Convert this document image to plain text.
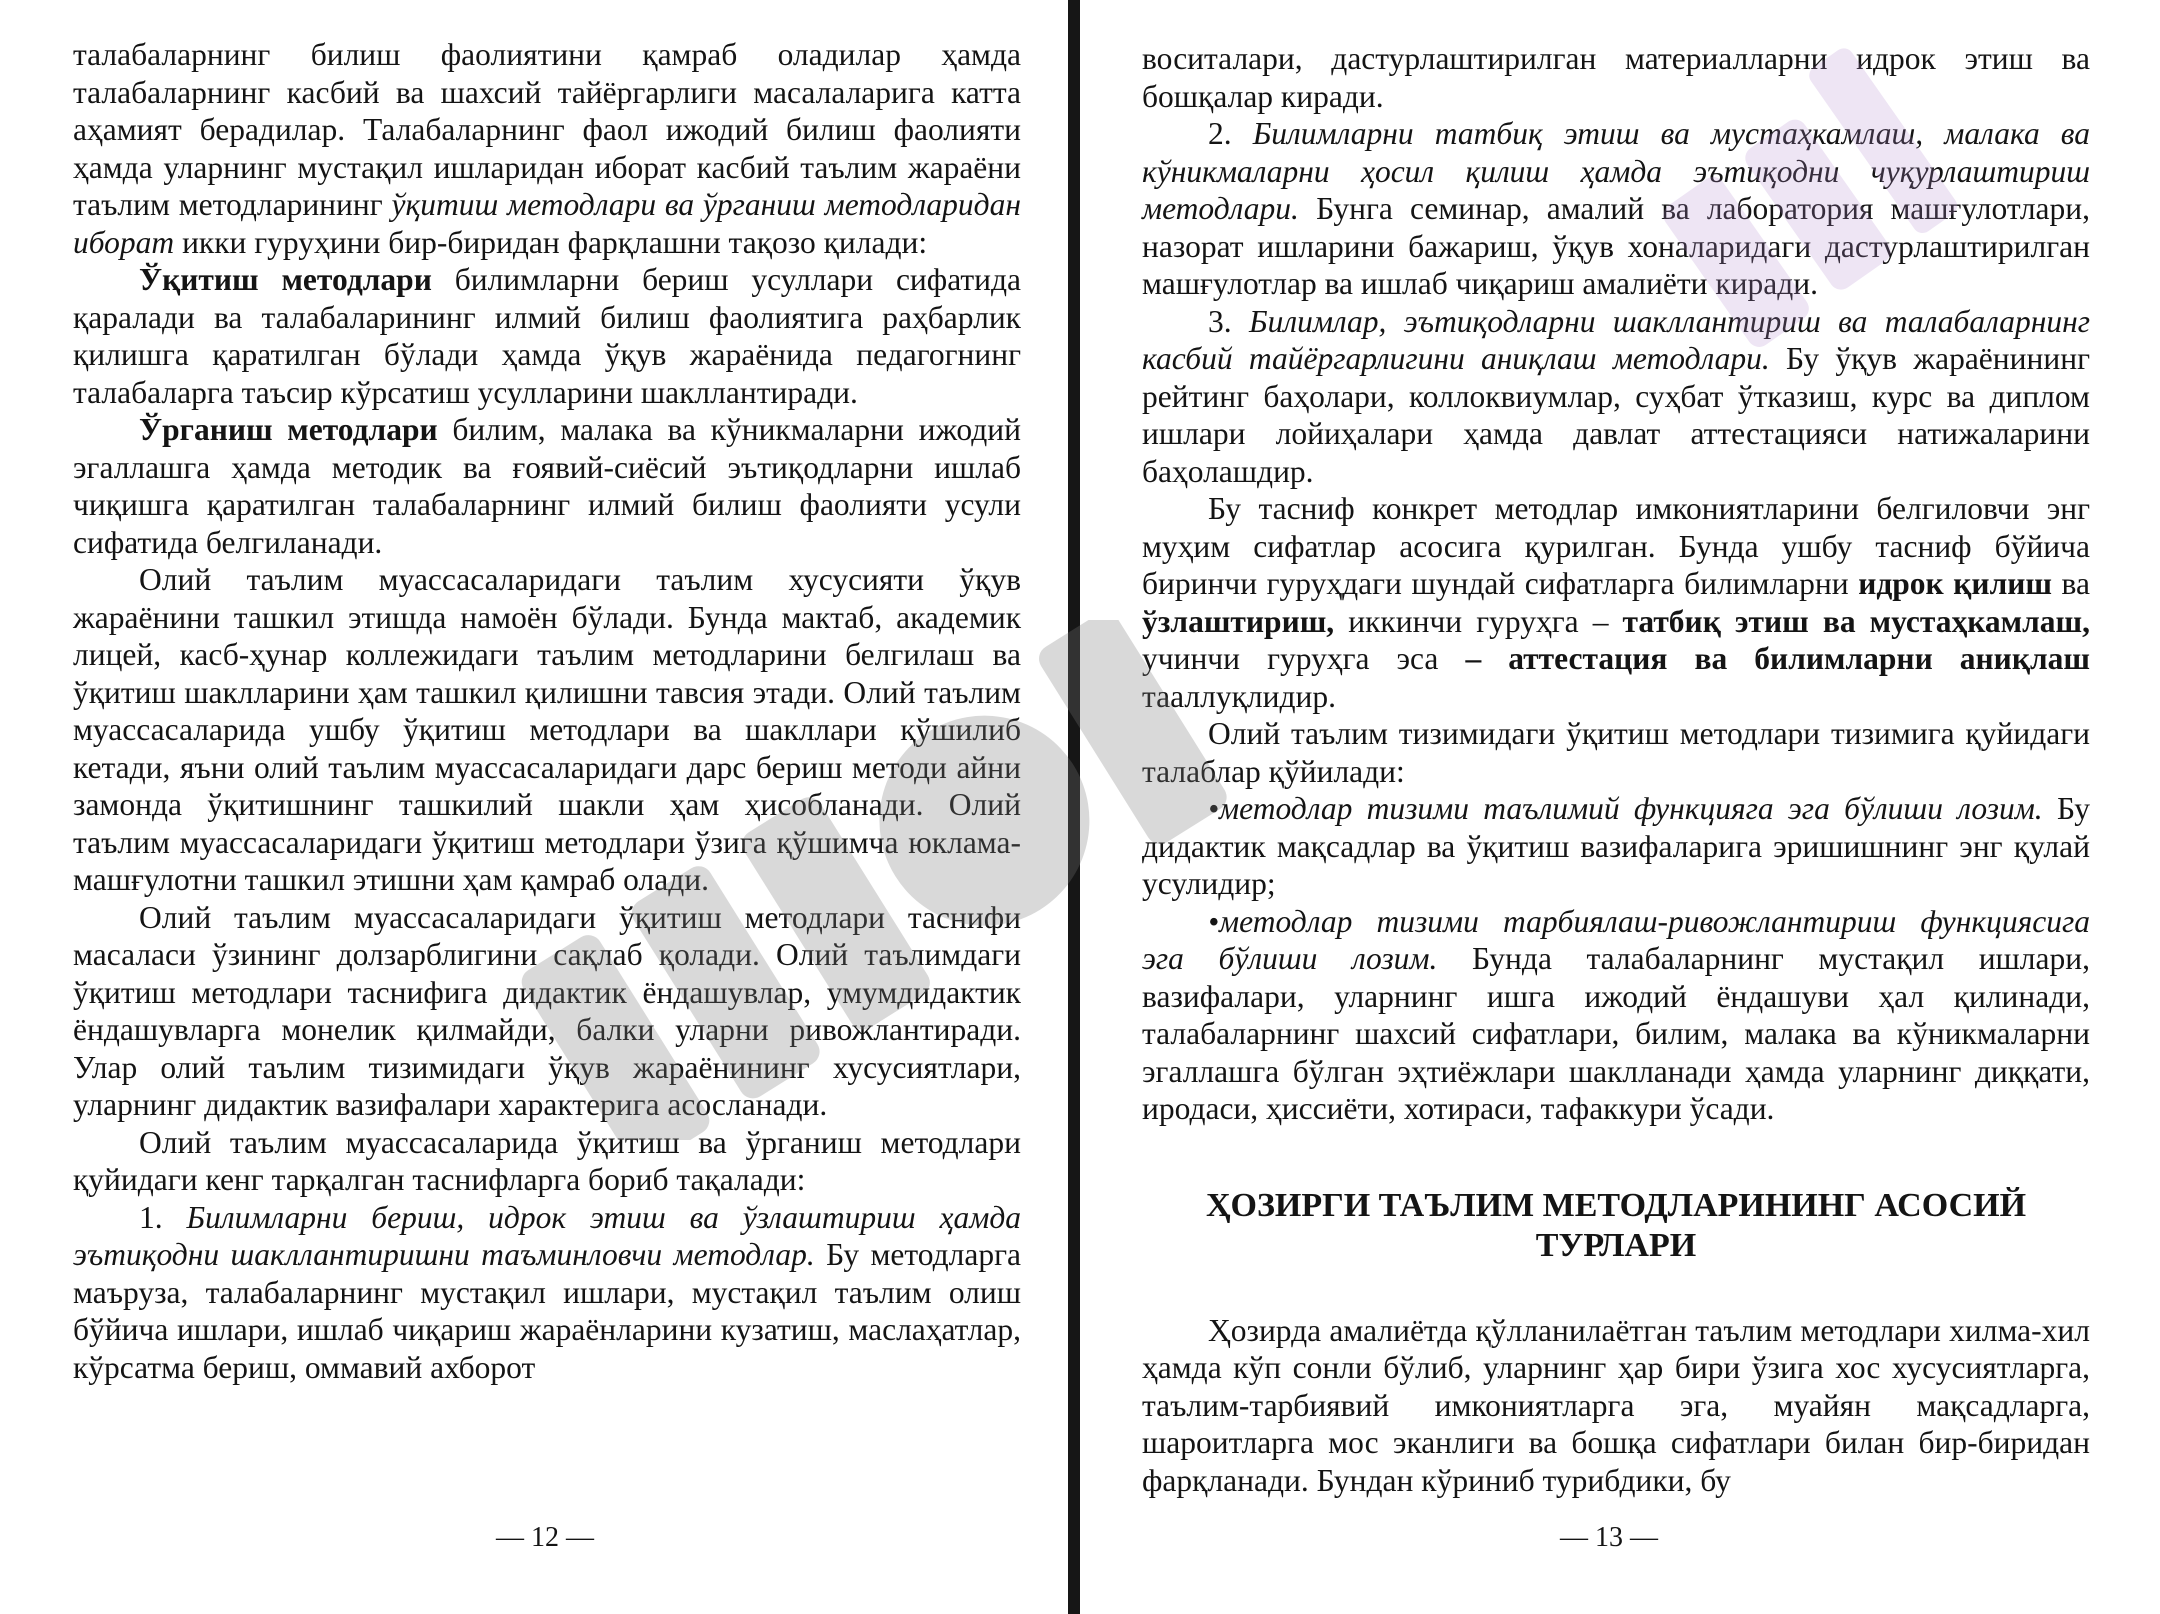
талабаларнинг билиш фаолиятини қамраб оладилар ҳамда талабаларнинг касбий ва шахсий тайёргарлиги масалаларига катта аҳамият берадилар. Талабаларнинг фаол ижодий билиш фаолияти ҳамда уларнинг мустақил ишларидан иборат касбий таълим жараёни таълим методларининг ўқитиш методлари ва ўрганиш методларидан иборат икки гуруҳини бир-биридан фарқлашни тақозо қилади:

Ўқитиш методлари билимларни бериш усуллари сифатида қаралади ва талабаларининг илмий билиш фаолиятига раҳбарлик қилишга қаратилган бўлади ҳамда ўқув жараёнида педагогнинг талабаларга таъсир кўрсатиш усулларини шакллантиради.

Ўрганиш методлари билим, малака ва кўникмаларни ижодий эгаллашга ҳамда методик ва ғоявий-сиёсий эътиқодларни ишлаб чиқишга қаратилган талабаларнинг илмий билиш фаолияти усули сифатида белгиланади.

Олий таълим муассасаларидаги таълим хусусияти ўқув жараёнини ташкил этишда намоён бўлади. Бунда мактаб, академик лицей, касб-ҳунар коллежидаги таълим методларини белгилаш ва ўқитиш шаклларини ҳам ташкил қилишни тавсия этади. Олий таълим муассасаларида ушбу ўқитиш методлари ва шакллари қўшилиб кетади, яъни олий таълим муассасаларидаги дарс бериш методи айни замонда ўқитишнинг ташкилий шакли ҳам ҳисобланади. Олий таълим муассасаларидаги ўқитиш методлари ўзига қўшимча юклама-машғулотни ташкил этишни ҳам қамраб олади.

Олий таълим муассасаларидаги ўқитиш методлари таснифи масаласи ўзининг долзарблигини сақлаб қолади. Олий таълимдаги ўқитиш методлари таснифига дидактик ёндашувлар, умумдидактик ёндашувларга монелик қилмайди, балки уларни ривожлантиради. Улар олий таълим тизимидаги ўқув жараёнининг хусусиятлари, уларнинг дидактик вазифалари характерига асосланади.

Олий таълим муассасаларида ўқитиш ва ўрганиш методлари қуйидаги кенг тарқалган таснифларга бориб тақалади:

1. Билимларни бериш, идрок этиш ва ўзлаштириш ҳамда эътиқодни шакллантиришни таъминловчи методлар. Бу методларга маъруза, талабаларнинг мустақил ишлари, мустақил таълим олиш бўйича ишлари, ишлаб чиқариш жараёнларини кузатиш, маслаҳатлар, кўрсатма бериш, оммавий ахборот

— 12 —

воситалари, дастурлаштирилган материалларни идрок этиш ва бошқалар киради.

2. Билимларни татбиқ этиш ва мустаҳкамлаш, малака ва кўникмаларни ҳосил қилиш ҳамда эътиқодни чуқурлаштириш методлари. Бунга семинар, амалий ва лаборатория машғулотлари, назорат ишларини бажариш, ўқув хоналаридаги дастурлаштирилган машғулотлар ва ишлаб чиқариш амалиёти киради.

3. Билимлар, эътиқодларни шакллантириш ва талабаларнинг касбий тайёргарлигини аниқлаш методлари. Бу ўқув жараёнининг рейтинг баҳолари, коллоквиумлар, суҳбат ўтказиш, курс ва диплом ишлари лойиҳалари ҳамда давлат аттестацияси натижаларини баҳолашдир.

Бу тасниф конкрет методлар имкониятларини белгиловчи энг муҳим сифатлар асосига қурилган. Бунда ушбу тасниф бўйича биринчи гуруҳдаги шундай сифатларга билимларни идрок қилиш ва ўзлаштириш, иккинчи гуруҳга – татбиқ этиш ва мустаҳкамлаш, учинчи гуруҳга эса – аттестация ва билимларни аниқлаш тааллуқлидир.

Олий таълим тизимидаги ўқитиш методлари тизимига қуйидаги талаблар қўйилади:

•методлар тизими таълимий функцияга эга бўлиши лозим. Бу дидактик мақсадлар ва ўқитиш вазифаларига эришишнинг энг қулай усулидир;

•методлар тизими тарбиялаш-ривожлантириш функциясига эга бўлиши лозим. Бунда талабаларнинг мустақил ишлари, вазифалари, уларнинг ишга ижодий ёндашуви ҳал қилинади, талабаларнинг шахсий сифатлари, билим, малака ва кўникмаларни эгаллашга бўлган эҳтиёжлари шаклланади ҳамда уларнинг диққати, иродаси, ҳиссиёти, хотираси, тафаккури ўсади.

ҲОЗИРГИ ТАЪЛИМ МЕТОДЛАРИНИНГ АСОСИЙ
ТУРЛАРИ

Ҳозирда амалиётда қўлланилаётган таълим методлари хилма-хил ҳамда кўп сонли бўлиб, уларнинг ҳар бири ўзига хос хусусиятларга, таълим-тарбиявий имкониятларга эга, муайян мақсадларга, шароитларга мос эканлиги ва бошқа сифатлари билан бир-биридан фарқланади. Бундан кўриниб турибдики, бу

— 13 —
